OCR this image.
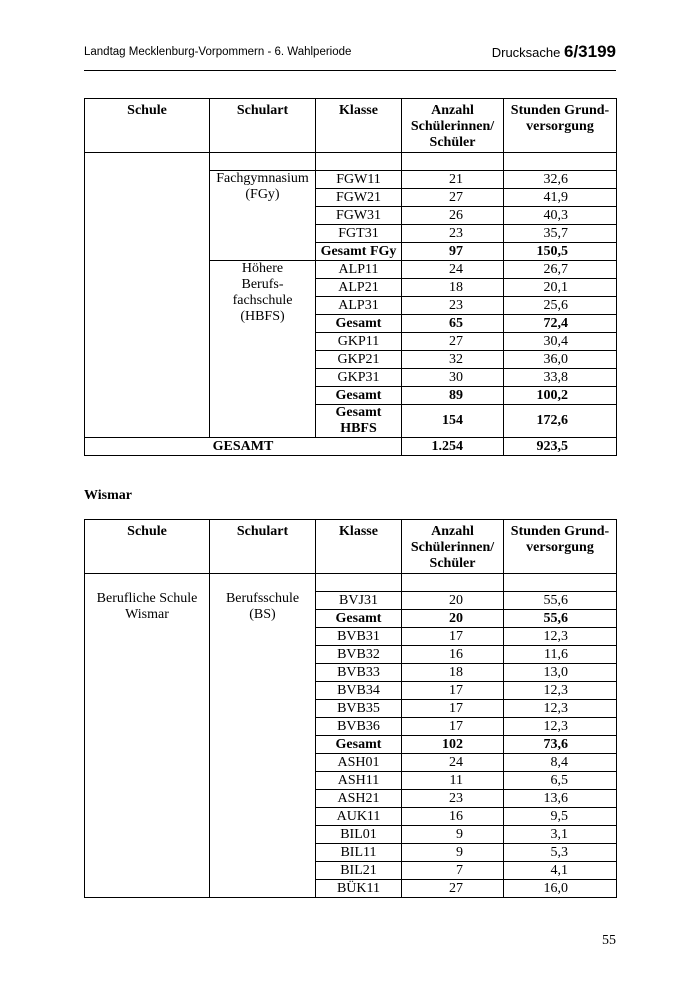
Landtag Mecklenburg-Vorpommern - 6. Wahlperiode	Drucksache 6/3199
Schule	Schulart	Klasse	Anzahl
Schülerinnen/
Schüler	Stunden Grund-
versorgung

	Fachgymnasium
(FGy)	FGW11	21	32,6
		FGW21	27	41,9
		FGW31	26	40,3
		FGT31	23	35,7
		Gesamt FGy	97	150,5
	Höhere
Berufs-
fachschule
(HBFS)	ALP11	24	26,7
		ALP21	18	20,1
		ALP31	23	25,6
		Gesamt	65	72,4
		GKP11	27	30,4
		GKP21	32	36,0
		GKP31	30	33,8
		Gesamt	89	100,2
		Gesamt
HBFS	154	172,6
GESAMT			1.254	923,5
Wismar
Schule	Schulart	Klasse	Anzahl
Schülerinnen/
Schüler	Stunden Grund-
versorgung

Berufliche Schule
Wismar	Berufsschule
(BS)			
		BVJ31	20	55,6
		Gesamt	20	55,6
		BVB31	17	12,3
		BVB32	16	11,6
		BVB33	18	13,0
		BVB34	17	12,3
		BVB35	17	12,3
		BVB36	17	12,3
		Gesamt	102	73,6
		ASH01	24	8,4
		ASH11	11	6,5
		ASH21	23	13,6
		AUK11	16	9,5
		BIL01	9	3,1
		BIL11	9	5,3
		BIL21	7	4,1
		BÜK11	27	16,0
55
